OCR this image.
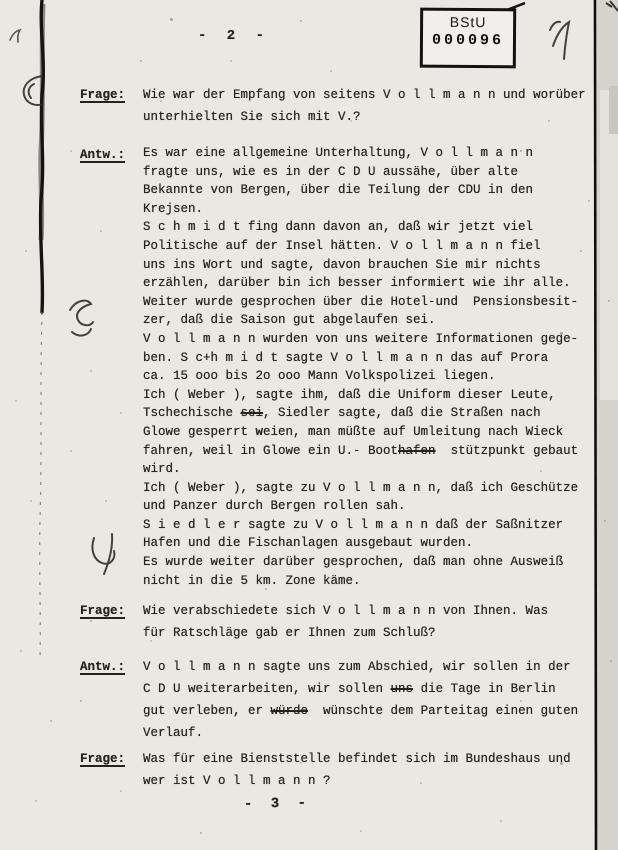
- 2 -
BStU
000096
Frage:	Wie war der Empfang von seitens V o l l m a n n und worüber
unterhielten Sie sich mit V.?
Antw.:	Es war eine allgemeine Unterhaltung, V o l l m a n n
fragte uns, wie es in der C D U aussähe, über alte
Bekannte von Bergen, über die Teilung der CDU in den
Krejsen.
S c h m i d t fing dann davon an, daß wir jetzt viel
Politische auf der Insel hätten. V o l l m a n n fiel
uns ins Wort und sagte, davon brauchen Sie mir nichts
erzählen, darüber bin ich besser informiert wie ihr alle.
Weiter wurde gesprochen über die Hotel-und  Pensionsbesit-
zer, daß die Saison gut abgelaufen sei.
V o l l m a n n wurden von uns weitere Informationen gege-
ben. S c+h m i d t sagte V o l l m a n n das auf Prora
ca. 15 ooo bis 2o ooo Mann Volkspolizei liegen.
Ich ( Weber ), sagte ihm, daß die Uniform dieser Leute,
Tschechische sei, Siedler sagte, daß die Straßen nach
Glowe gesperrt weien, man müßte auf Umleitung nach Wieck
fahren, weil in Glowe ein U.- Boothafen  stützpunkt gebaut
wird.
Ich ( Weber ), sagte zu V o l l m a n n, daß ich Geschütze
und Panzer durch Bergen rollen sah.
S i e d l e r sagte zu V o l l m a n n daß der Saßnitzer
Hafen und die Fischanlagen ausgebaut wurden.
Es wurde weiter darüber gesprochen, daß man ohne Ausweiß
nicht in die 5 km. Zone käme.
Frage:	Wie verabschiedete sich V o l l m a n n von Ihnen. Was
für Ratschläge gab er Ihnen zum Schluß?
Antw.:	V o l l m a n n sagte uns zum Abschied, wir sollen in der
C D U weiterarbeiten, wir sollen uns die Tage in Berlin
gut verleben, er würde  wünschte dem Parteitag einen guten
Verlauf.
Frage:	Was für eine Bienststelle befindet sich im Bundeshaus und
wer ist V o l l m a n n ?
- 3 -
